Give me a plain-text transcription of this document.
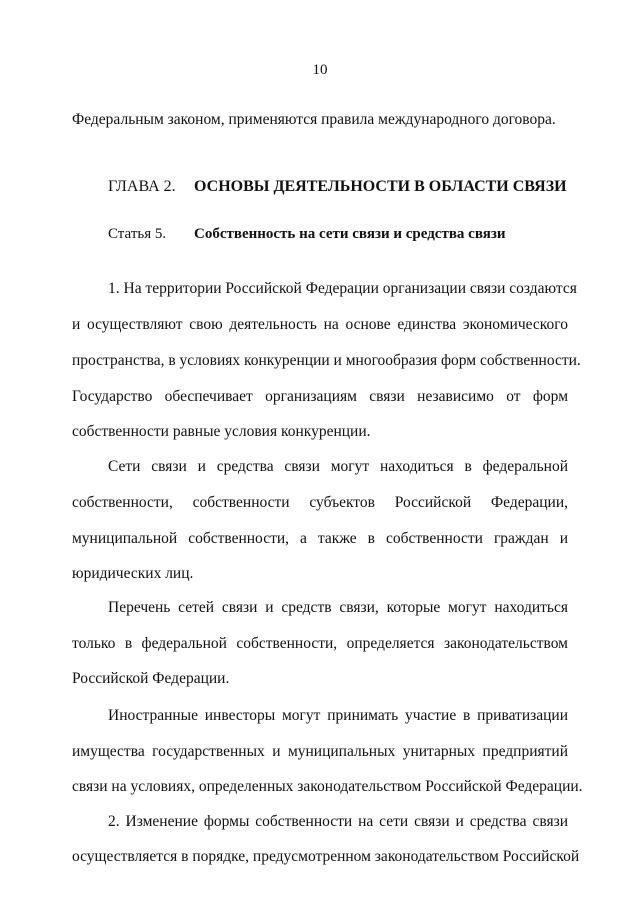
10
Федеральным законом, применяются правила международного договора.
ГЛАВА 2. ОСНОВЫ ДЕЯТЕЛЬНОСТИ В ОБЛАСТИ СВЯЗИ
Статья 5. Собственность на сети связи и средства связи
1. На территории Российской Федерации организации связи создаются
и осуществляют свою деятельность на основе единства экономического
пространства, в условиях конкуренции и многообразия форм собственности.
Государство обеспечивает организациям связи независимо от форм
собственности равные условия конкуренции.
Сети связи и средства связи могут находиться в федеральной
собственности, собственности субъектов Российской Федерации,
муниципальной собственности, а также в собственности граждан и
юридических лиц.
Перечень сетей связи и средств связи, которые могут находиться
только в федеральной собственности, определяется законодательством
Российской Федерации.
Иностранные инвесторы могут принимать участие в приватизации
имущества государственных и муниципальных унитарных предприятий
связи на условиях, определенных законодательством Российской Федерации.
2. Изменение формы собственности на сети связи и средства связи
осуществляется в порядке, предусмотренном законодательством Российской
